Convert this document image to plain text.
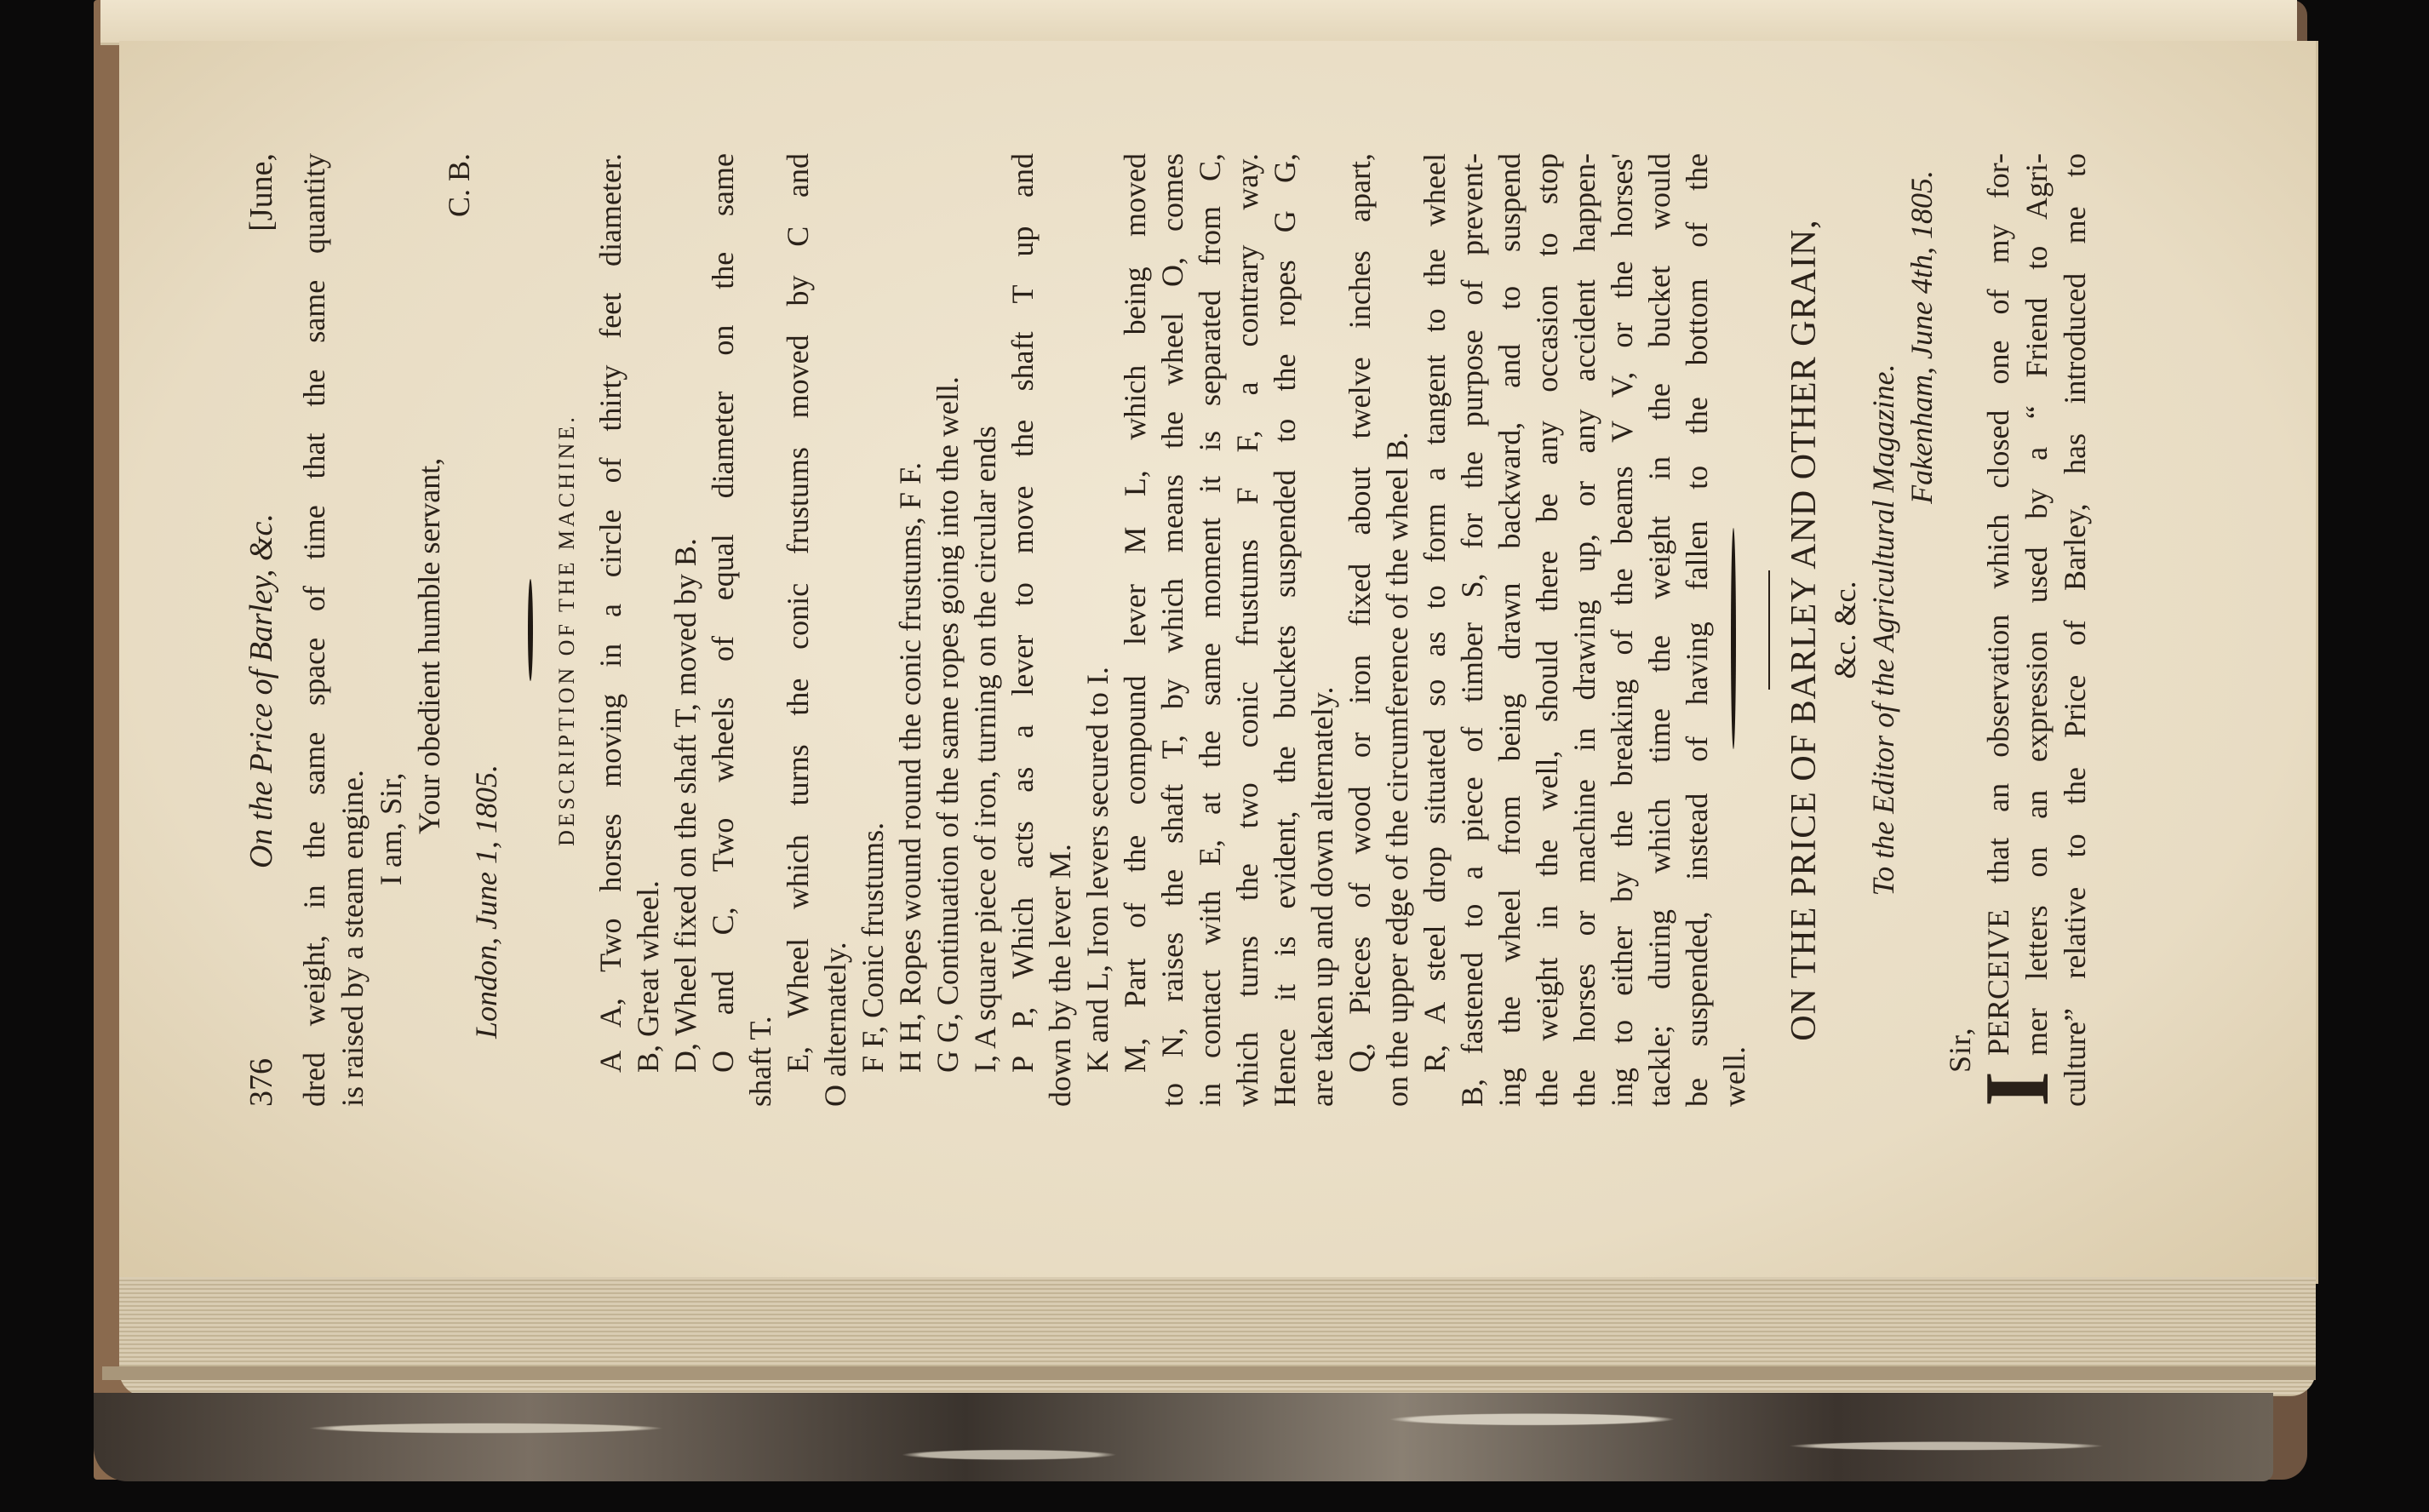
376
On the Price of Barley, &c.
[June, dred weight, in the same space of time that the same quantity is raised by a steam engine. I am, Sir, Your obedient humble servant,
C. B.
London, June 1, 1805.
DESCRIPTION OF THE MACHINE. A A, Two horses moving in a circle of thirty feet diameter. B, Great wheel. D, Wheel fixed on the shaft T, moved by B. O and C, Two wheels of equal diameter on the same shaft T. E, Wheel which turns the conic frustums moved by C and O alternately. F F, Conic frustums. H H, Ropes wound round the conic frustums, F F. G G, Continuation of the same ropes going into the well. I, A square piece of iron, turning on the circular ends P P, Which acts as a lever to move the shaft T up and down by the lever M. K and L, Iron levers secured to I. M, Part of the compound lever M L, which being moved to N, raises the shaft T, by which means the wheel O, comes in contact with E, at the same moment it is separated from C, which turns the two conic frustums F F, a contrary way. Hence it is evident, the buckets suspended to the ropes G G, are taken up and down alternately. Q, Pieces of wood or iron fixed about twelve inches apart, on the upper edge of the circumference of the wheel B. R, A steel drop situated so as to form a tangent to the wheel B, fastened to a piece of timber S, for the purpose of prevent- ing the wheel from being drawn backward, and to suspend the weight in the well, should there be any occasion to stop the horses or machine in drawing up, or any accident happen- ing to either by the breaking of the beams V V, or the horses' tackle; during which time the weight in the bucket would be suspended, instead of having fallen to the bottom of the well.
ON THE PRICE OF BARLEY AND OTHER GRAIN, &c. &c. To the Editor of the Agricultural Magazine.
Fakenham, June 4th, 1805.
Sir,
I
PERCEIVE that an observation which closed one of my for- mer letters on an expression used by a “ Friend to Agri- culture” relative to the Price of Barley, has introduced me to
